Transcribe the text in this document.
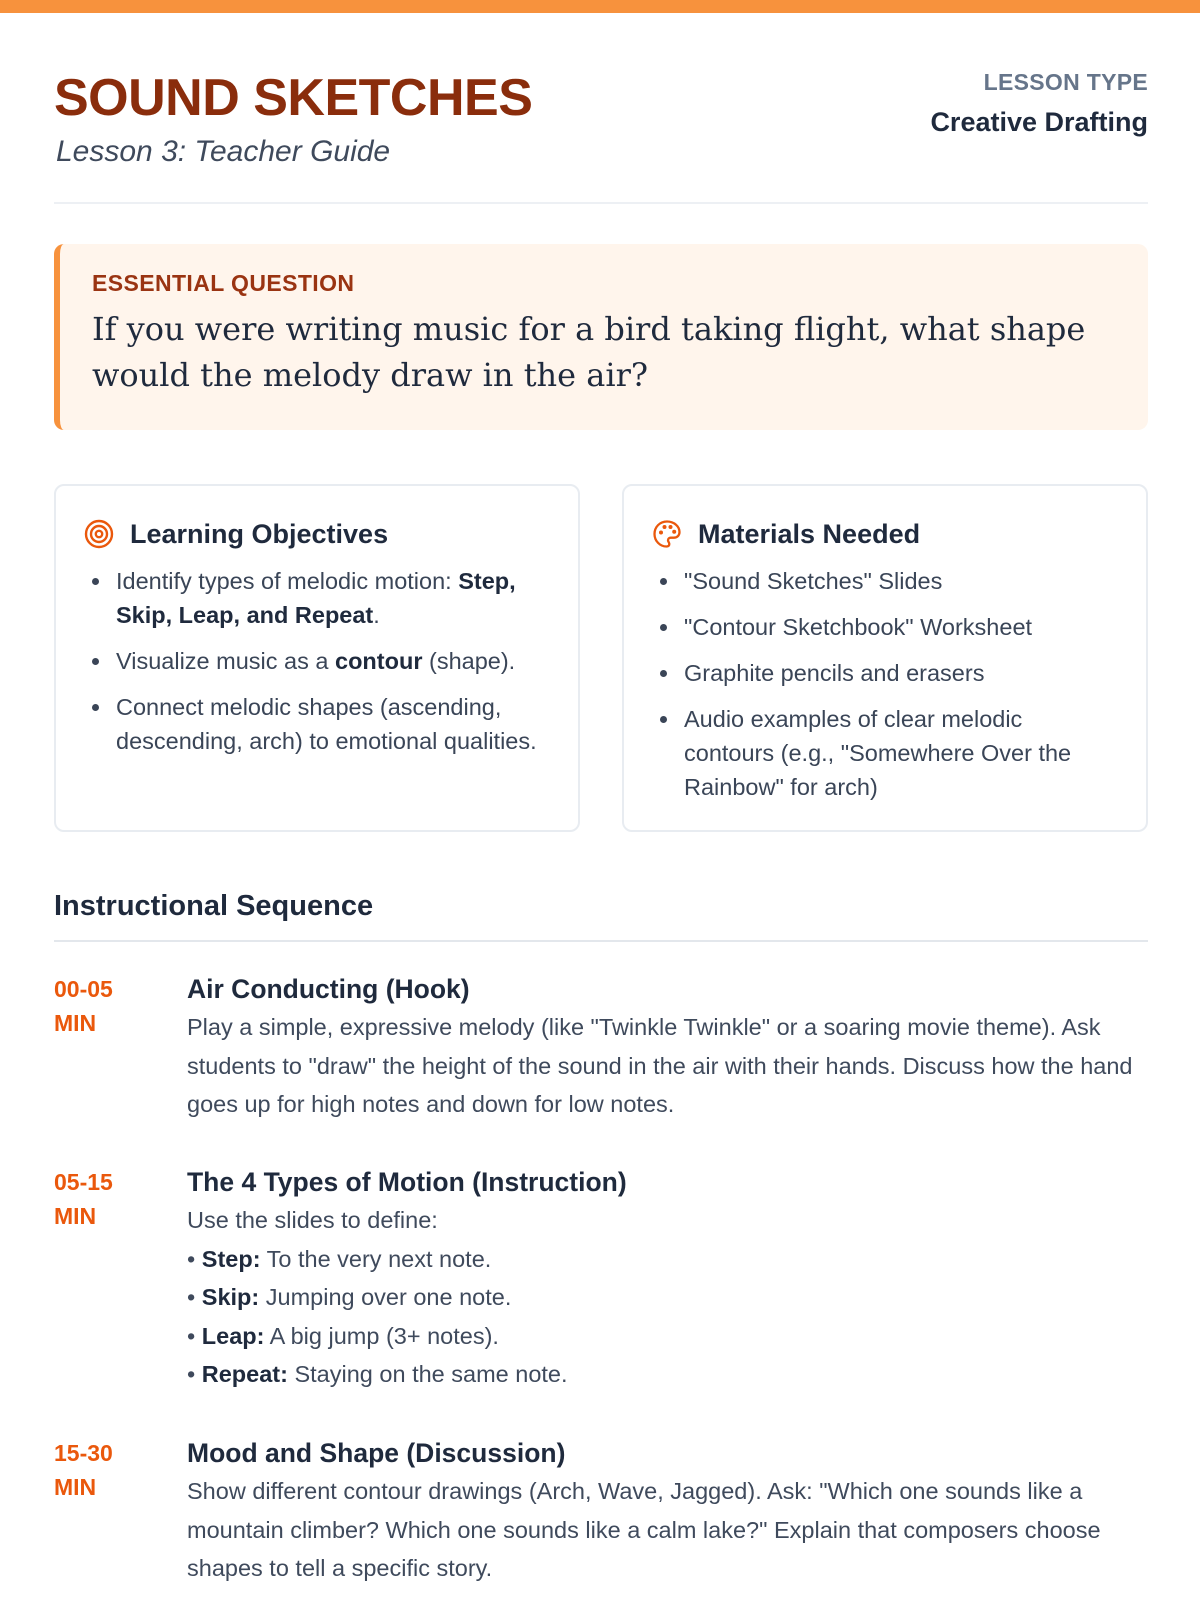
SOUND SKETCHES
Lesson 3: Teacher Guide
LESSON TYPE
Creative Drafting
ESSENTIAL QUESTION
If you were writing music for a bird taking flight, what shape would the melody draw in the air?
Learning Objectives
Identify types of melodic motion: Step, Skip, Leap, and Repeat.
Visualize music as a contour (shape).
Connect melodic shapes (ascending, descending, arch) to emotional qualities.
Materials Needed
"Sound Sketches" Slides
"Contour Sketchbook" Worksheet
Graphite pencils and erasers
Audio examples of clear melodic contours (e.g., "Somewhere Over the Rainbow" for arch)
Instructional Sequence
00-05
MIN
Air Conducting (Hook)
Play a simple, expressive melody (like "Twinkle Twinkle" or a soaring movie theme). Ask students to "draw" the height of the sound in the air with their hands. Discuss how the hand goes up for high notes and down for low notes.
05-15
MIN
The 4 Types of Motion (Instruction)
Use the slides to define:
• Step: To the very next note.
• Skip: Jumping over one note.
• Leap: A big jump (3+ notes).
• Repeat: Staying on the same note.
15-30
MIN
Mood and Shape (Discussion)
Show different contour drawings (Arch, Wave, Jagged). Ask: "Which one sounds like a mountain climber? Which one sounds like a calm lake?" Explain that composers choose shapes to tell a specific story.
